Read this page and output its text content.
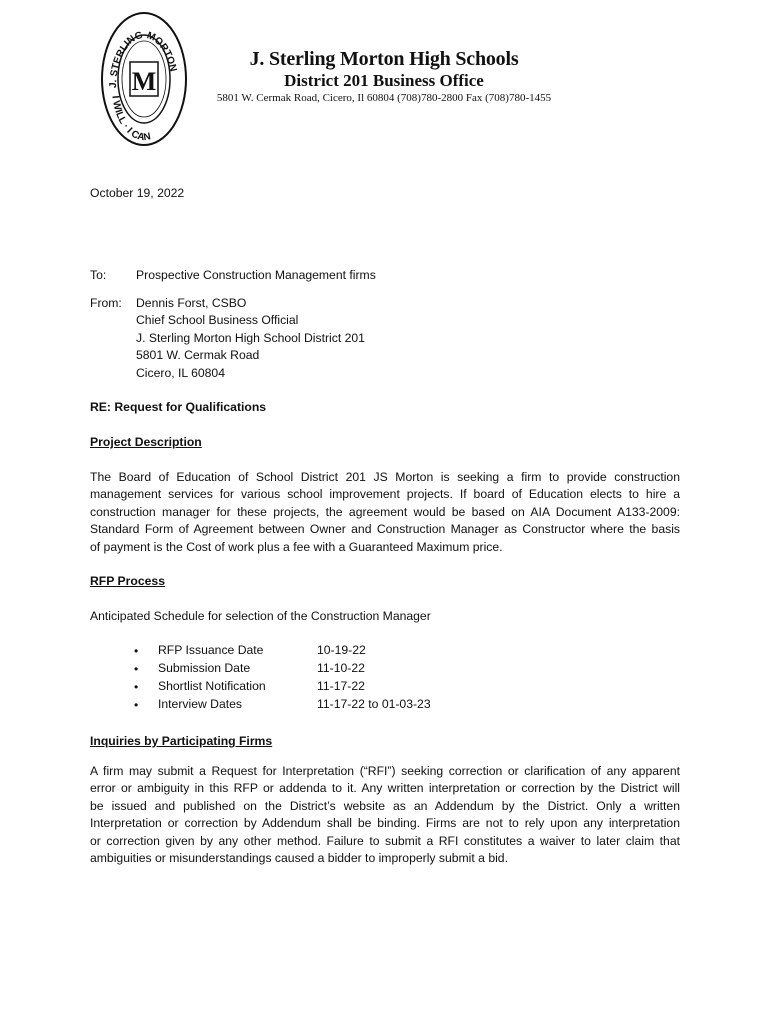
J. STERLING MORTON
I WILL · I CAN
M
J. Sterling Morton High Schools
District 201 Business Office
5801 W. Cermak Road, Cicero, Il 60804 (708)780-2800 Fax (708)780-1455
October 19, 2022
To: Prospective Construction Management firms
From: Dennis Forst, CSBO
Chief School Business Official
J. Sterling Morton High School District 201
5801 W. Cermak Road
Cicero, IL 60804
RE: Request for Qualifications
Project Description
The Board of Education of School District 201 JS Morton is seeking a firm to provide construction
management services for various school improvement projects. If board of Education elects to hire a
construction manager for these projects, the agreement would be based on AIA Document A133-2009:
Standard Form of Agreement between Owner and Construction Manager as Constructor where the basis
of payment is the Cost of work plus a fee with a Guaranteed Maximum price.
RFP Process
Anticipated Schedule for selection of the Construction Manager
• RFP Issuance Date	10-19-22
• Submission Date	11-10-22
• Shortlist Notification	11-17-22
• Interview Dates	11-17-22 to 01-03-23
Inquiries by Participating Firms
A firm may submit a Request for Interpretation (“RFI”) seeking correction or clarification of any apparent
error or ambiguity in this RFP or addenda to it. Any written interpretation or correction by the District will
be issued and published on the District’s website as an Addendum by the District. Only a written
Interpretation or correction by Addendum shall be binding. Firms are not to rely upon any interpretation
or correction given by any other method. Failure to submit a RFI constitutes a waiver to later claim that
ambiguities or misunderstandings caused a bidder to improperly submit a bid.
